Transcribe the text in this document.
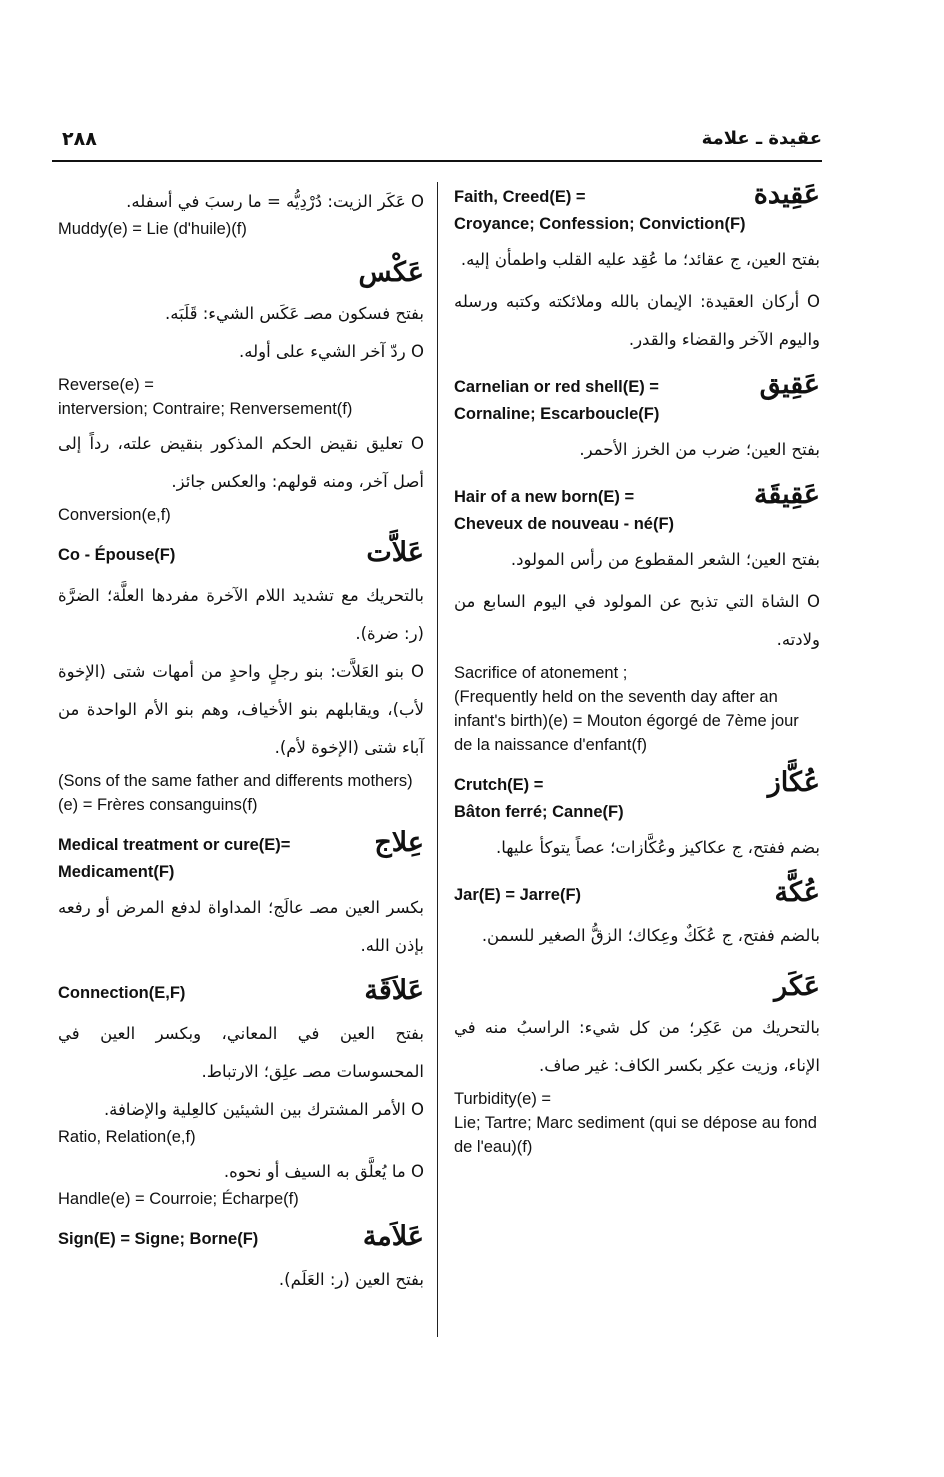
٢٨٨	عقيدة ـ علامة
عَقِيدة
Faith, Creed(E) =
Croyance; Confession; Conviction(F)

بفتح العين، ج عقائد؛ ما عُقِد عليه القلب واطمأن إليه.

O أركان العقيدة: الإيمان بالله وملائكته وكتبه ورسله واليوم الآخر والقضاء والقدر.

عَقِيق
Carnelian or red shell(E) =
Cornaline; Escarboucle(F)

بفتح العين؛ ضرب من الخرز الأحمر.

عَقِيقَة
Hair of a new born(E) =
Cheveux de nouveau - né(F)

بفتح العين؛ الشعر المقطوع من رأس المولود.

O الشاة التي تذبح عن المولود في اليوم السابع من ولادته.

Sacrifice of atonement ;

(Frequently held on the seventh day after an infant's birth)(e) = Mouton égorgé de 7ème jour de la naissance d'enfant(f)

عُكَّاز
Crutch(E) =
Bâton ferré; Canne(F)

بضم ففتح، ج عكاكيز وعُكَّازات؛ عصاً يتوكأ عليها.

عُكَّة
Jar(E) = Jarre(F)

بالضم ففتح، ج عُكَكٌ وعِكاك؛ الزقُّ الصغير للسمن.

عَكَر

بالتحريك من عَكِر؛ من كل شيء: الراسبُ منه في الإناء، وزيت عكِر بكسر الكاف: غير صاف.

Turbidity(e) =

Lie; Tartre; Marc sediment (qui se dépose au fond de l'eau)(f)

O عَكَر الزيت: دُرْدِيُّه = ما رسبَ في أسفله.

Muddy(e) = Lie (d'huile)(f)

عَكْس

بفتح فسكون مصـ عَكَس الشيء: قَلَبَه.

O ردّ آخر الشيء على أوله.

Reverse(e) =

interversion; Contraire; Renversement(f)

O تعليق نقيض الحكم المذكور بنقيض علته، رداً إلى أصل آخر، ومنه قولهم: والعكس جائز.

Conversion(e,f)

عَلاَّت
Co - Épouse(F)

بالتحريك مع تشديد اللام الآخرة مفردها العلَّة؛ الضرَّة (ر: ضرة).

O بنو العَلاَّت: بنو رجلٍ واحدٍ من أمهات شتى (الإخوة لأب)، ويقابلهم بنو الأخياف، وهم بنو الأم الواحدة من آباء شتى (الإخوة لأم).

(Sons of the same father and differents mothers)(e) = Frères consanguins(f)

عِلاج
Medical treatment or cure(E)=
Medicament(F)

بكسر العين مصـ عالَج؛ المداواة لدفع المرض أو رفعه بإذن الله.

عَلاَقَة
Connection(E,F)

بفتح العين في المعاني، وبكسر العين في المحسوسات مصـ علِق؛ الارتباط.

O الأمر المشترك بين الشيئين كالعِلية والإضافة.

Ratio, Relation(e,f)

O ما يُعلَّق به السيف أو نحوه.

Handle(e) = Courroie; Écharpe(f)

عَلاَمة
Sign(E) = Signe; Borne(F)

بفتح العين (ر: العَلَم).
